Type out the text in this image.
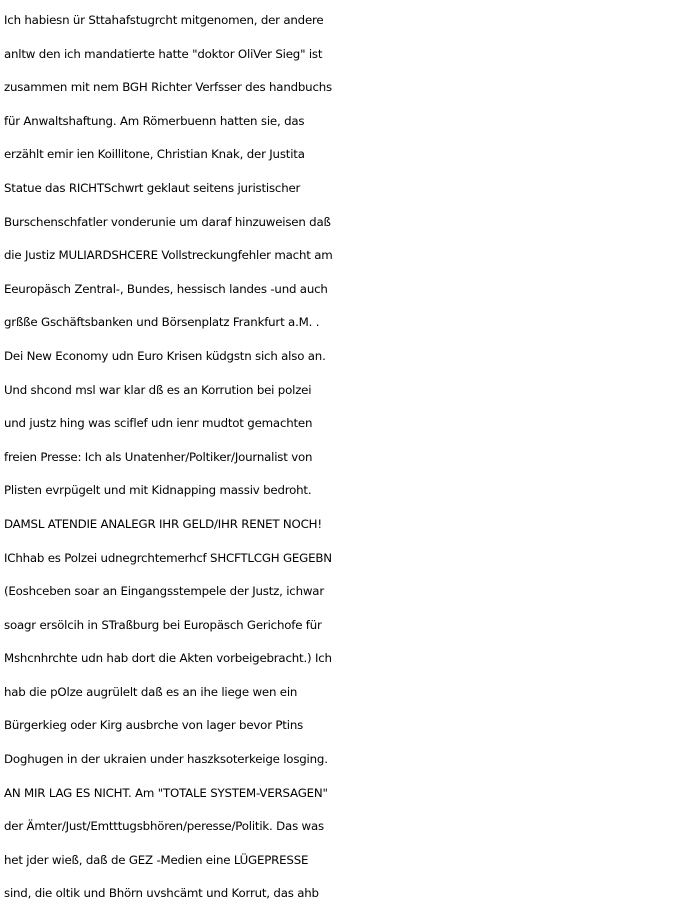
Ich habiesn ür Sttahafstugrcht mitgenomen, der andere
anltw den ich mandatierte hatte "doktor OliVer Sieg" ist
zusammen mit nem BGH Richter Verfsser des handbuchs
für Anwaltshaftung. Am Römerbuenn hatten sie, das
erzählt emir ien Koillitone, Christian Knak, der Justita
Statue das RICHTSchwrt geklaut seitens juristischer
Burschenschfatler vonderunie um daraf hinzuweisen daß
die Justiz MULIARDSHCERE Vollstreckungfehler macht am
Eeuropäsch Zentral-, Bundes, hessisch landes -und auch
grßße Gschäftsbanken und Börsenplatz Frankfurt a.M. .
Dei New Economy udn Euro Krisen küdgstn sich also an.
Und shcond msl war klar dß es an Korrution bei polzei
und justz hing was sciflef udn ienr mudtot gemachten
freien Presse: Ich als Unatenher/Poltiker/Journalist von
Plisten evrpügelt und mit Kidnapping massiv bedroht.
DAMSL ATENDIE ANALEGR IHR GELD/IHR RENET NOCH!
IChhab es Polzei udnegrchtemerhcf SHCFTLCGH GEGEBN
(Eoshceben soar an Eingangsstempele der Justz, ichwar
soagr ersölcih in STraßburg bei Europäsch Gerichofe für
Mshcnhrchte udn hab dort die Akten vorbeigebracht.) Ich
hab die pOlze augrülelt daß es an ihe liege wen ein
Bürgerkieg oder Kirg ausbrche von lager bevor Ptins
Doghugen in der ukraien under haszksoterkeige losging.
AN MIR LAG ES NICHT. Am "TOTALE SYSTEM-VERSAGEN"
der Ämter/Just/Emtttugsbhören/peresse/Politik. Das was
het jder wieß, daß de GEZ -Medien eine LÜGEPRESSE
sind, die oltik und Bhörn uvshcämt und Korrut, das ahb
